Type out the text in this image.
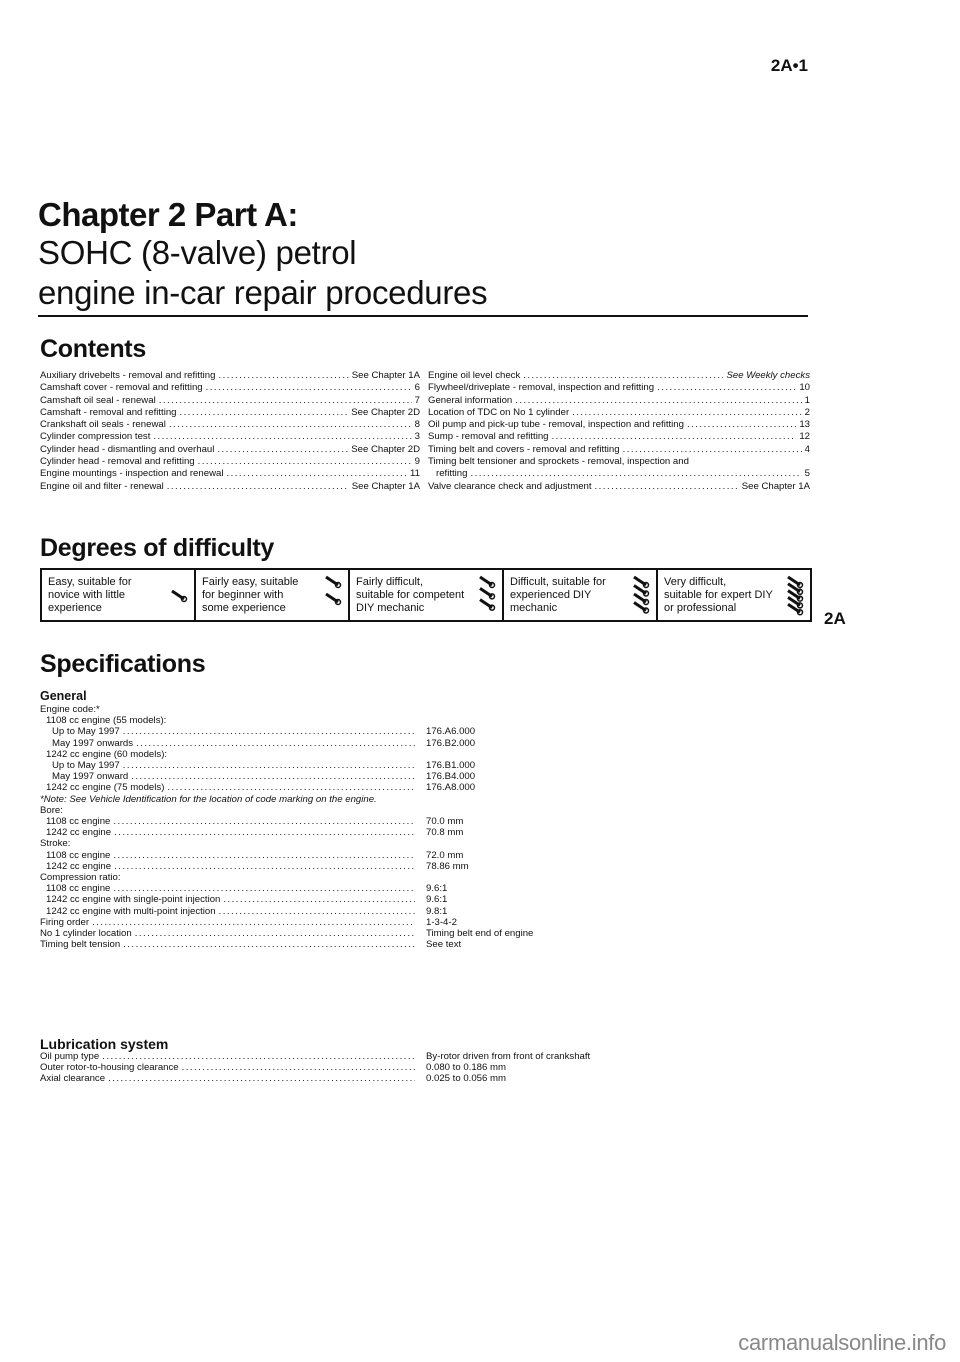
2A•1
Chapter 2 Part A:
SOHC (8-valve) petrol
engine in-car repair procedures
Contents
Auxiliary drivebelts - removal and refitting . . .	See Chapter 1A
Camshaft cover - removal and refitting . . .	6
Camshaft oil seal - renewal . . .	7
Camshaft - removal and refitting . . .	See Chapter 2D
Crankshaft oil seals - renewal . . .	8
Cylinder compression test . . .	3
Cylinder head - dismantling and overhaul . . .	See Chapter 2D
Cylinder head - removal and refitting . . .	9
Engine mountings - inspection and renewal . . .	11
Engine oil and filter - renewal . . .	See Chapter 1A
Engine oil level check . . .	See Weekly checks
Flywheel/driveplate - removal, inspection and refitting . . .	10
General information . . .	1
Location of TDC on No 1 cylinder . . .	2
Oil pump and pick-up tube - removal, inspection and refitting . . .	13
Sump - removal and refitting . . .	12
Timing belt and covers - removal and refitting . . .	4
Timing belt tensioner and sprockets - removal, inspection and
refitting . . .	5
Valve clearance check and adjustment . . .	See Chapter 1A
Degrees of difficulty
Easy, suitable for
novice with little
experience
Fairly easy, suitable
for beginner with
some experience
Fairly difficult,
suitable for competent
DIY mechanic
Difficult, suitable for
experienced DIY
mechanic
Very difficult,
suitable for expert DIY
or professional
2A
Specifications
General
Engine code:*
1108 cc engine (55 models):
Up to May 1997 . . .	176.A6.000
May 1997 onwards . . .	176.B2.000
1242 cc engine (60 models):
Up to May 1997 . . .	176.B1.000
May 1997 onward . . .	176.B4.000
1242 cc engine (75 models) . . .	176.A8.000
*Note: See Vehicle Identification for the location of code marking on the engine.
Bore:
1108 cc engine . . .	70.0 mm
1242 cc engine . . .	70.8 mm
Stroke:
1108 cc engine . . .	72.0 mm
1242 cc engine . . .	78.86 mm
Compression ratio:
1108 cc engine . . .	9.6:1
1242 cc engine with single-point injection . . .	9.6:1
1242 cc engine with multi-point injection . . .	9.8:1
Firing order . . .	1-3-4-2
No 1 cylinder location . . .	Timing belt end of engine
Timing belt tension . . .	See text
Lubrication system
Oil pump type . . .	By-rotor driven from front of crankshaft
Outer rotor-to-housing clearance . . .	0.080 to 0.186 mm
Axial clearance . . .	0.025 to 0.056 mm
carmanualsonline.info
